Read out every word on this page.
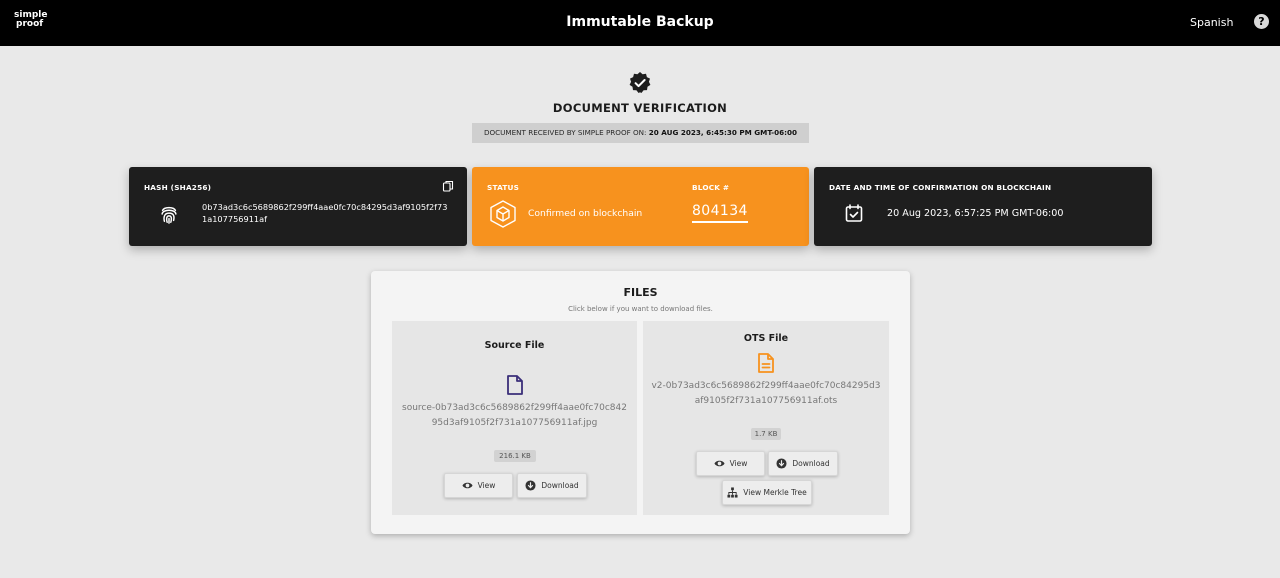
simple
proof	Immutable Backup	Spanish	?
DOCUMENT VERIFICATION
DOCUMENT RECEIVED BY SIMPLE PROOF ON: 20 AUG 2023, 6:45:30 PM GMT-06:00
HASH (SHA256)
0b73ad3c6c5689862f299ff4aae0fc70c84295d3af9105f2f731a107756911af
STATUS	BLOCK #
Confirmed on blockchain	804134
DATE AND TIME OF CONFIRMATION ON BLOCKCHAIN
20 Aug 2023, 6:57:25 PM GMT-06:00
FILES
Click below if you want to download files.
Source File
source-0b73ad3c6c5689862f299ff4aae0fc70c84295d3af9105f2f731a107756911af.jpg
216.1 KB
View	Download
OTS File
v2-0b73ad3c6c5689862f299ff4aae0fc70c84295d3af9105f2f731a107756911af.ots
1.7 KB
View	Download
View Merkle Tree
